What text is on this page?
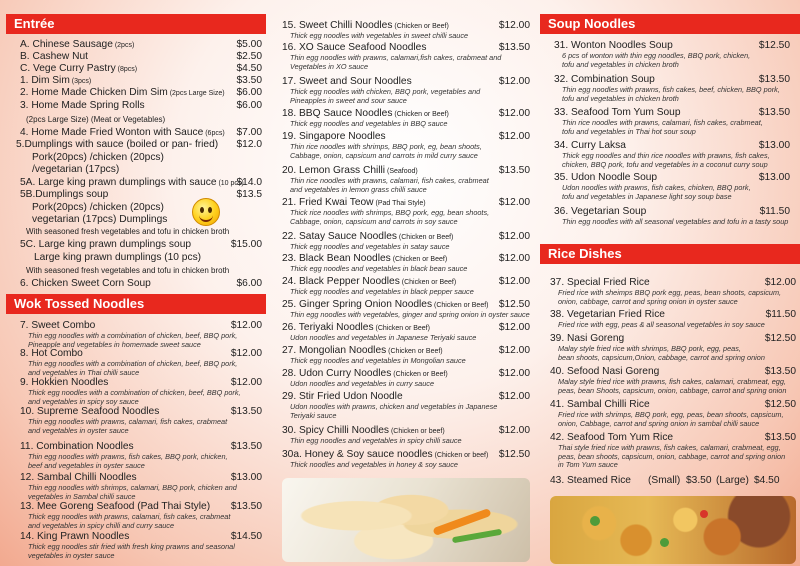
Entrée
A. Chinese Sausage (2pcs)	$5.00
B. Cashew Nut	$2.50
C. Vege Curry Pastry (8pcs)	$4.50
1. Dim Sim (3pcs)	$3.50
2. Home Made Chicken Dim Sim (2pcs Large Size) $6.00
3. Home Made Spring Rolls	$6.00
(2pcs Large Size) (Meat or Vegetables)
4. Home Made Fried Wonton with Sauce (6pcs) $7.00
5.Dumplings with sauce (boiled or pan- fried) $12.0
Pork(20pcs) /chicken (20pcs)
/vegetarian (17pcs)
5A. Large king prawn dumplings with sauce (10 pcs)
$14.0
5B.Dumplings soup	$13.5
Pork(20pcs) /chicken (20pcs)
vegetarian (17pcs) Dumplings
With seasoned fresh vegetables and tofu in chicken broth
5C. Large king prawn dumplings soup	$15.00
Large king prawn dumplings (10 pcs)
With seasoned fresh vegetables and tofu in chicken broth
6. Chicken Sweet Corn Soup	$6.00
Wok Tossed Noodles
7. Sweet Combo	$12.00
Thin egg noodles with a combination of chicken, beef, BBQ pork,
Pineapple and vegetables in homemade sweet sauce
8. Hot Combo	$12.00
Thin egg noodles with a combination of chicken, beef, BBQ pork,
and vegetables in Thai chilli sauce
9. Hokkien Noodles	$12.00
Thick egg noodles with a combination of chicken, beef, BBQ pork,
and vegetables in spicy soy sauce
10. Supreme Seafood Noodles	$13.50
Thin egg noodles with prawns, calamari, fish cakes, crabmeat
and vegetables in oyster sauce
11. Combination Noodles	$13.50
Thin egg noodles with prawns, fish cakes, BBQ pork, chicken,
beef and vegetables in oyster sauce
12. Sambal Chilli Noodles	$13.00
Thin egg noodles with shrimps, calamari, BBQ pork, chicken and
vegetables in Sambal chilli sauce
13. Mee Goreng Seafood (Pad Thai Style) $13.50
Thick egg noodles with prawns, calamari, fish cakes, crabmeat
and vegetables in spicy chilli and curry sauce
14. King Prawn Noodles	$14.50
Thick egg noodles stir fried with fresh king prawns and seasonal
vegetables in oyster sauce
15. Sweet Chilli Noodles (Chicken or Beef)	$12.00
Thick egg noodles with vegetables in sweet chilli sauce
16. XO Sauce Seafood Noodles	$13.50
Thin egg noodles with prawns, calamari,fish cakes, crabmeat and
Vegetables in XO sauce
17. Sweet and Sour Noodles	$12.00
Thick egg noodles with chicken, BBQ pork, vegetables and
Pineapples in sweet and sour sauce
18. BBQ Sauce Noodles (Chicken or Beef)	$12.00
Thick egg noodles and vegetables in BBQ sauce
19. Singapore Noodles	$12.00
Thin rice noodles with shrimps, BBQ pork, eg, bean shoots,
Cabbage, onion, capsicum and carrots in mild curry sauce
20. Lemon Grass Chilli (Seafood)	$13.50
Thin rice noodles with prawns, calamari, fish cakes, crabmeat
and vegetables in lemon grass chilli sauce
21. Fried Kwai Teow (Pad Thai Style)	$12.00
Thick rice noodles with shrimps, BBQ pork, egg, bean shoots,
Cabbage, onion, capsicum and carrots in soy sauce
22. Satay Sauce Noodles (Chicken or Beef)	$12.00
Thick egg noodles and vegetables in satay sauce
23. Black Bean Noodles (Chicken or Beef)	$12.00
Thick egg noodles and vegetables in black bean sauce
24. Black Pepper Noodles (Chicken or Beef)	$12.00
Thick egg noodles and vegetables in black pepper sauce
25. Ginger Spring Onion Noodles (Chicken or Beef) $12.50
Thin egg noodles with vegetables, ginger and spring onion in oyster sauce
26. Teriyaki Noodles (Chicken or Beef)	$12.00
Udon noodles and vegetables in Japanese Teriyaki sauce
27. Mongolian Noodles (Chicken or Beef)	$12.00
Thick egg noodles and vegetables in Mongolian sauce
28. Udon Curry Noodles (Chicken or Beef)	$12.00
Udon noodles and vegetables in curry sauce
29. Stir Fried Udon Noodle	$12.00
Udon noodles with prawns, chicken and vegetables in Japanese
Teriyaki sauce
30. Spicy Chilli Noodles (Chicken or beef)	$12.00
Thin egg noodles and vegetables in spicy chilli sauce
30a. Honey & Soy sauce noodles (Chicken or beef) $12.50
Thick noodles and vegetables in honey & soy sauce
Soup Noodles
31. Wonton Noodles Soup	$12.50
6 pcs of wonton with thin egg noodles, BBQ pork, chicken,
tofu and vegetables in chicken broth
32. Combination Soup	$13.50
Thin egg noodles with prawns, fish cakes, beef, chicken, BBQ pork,
tofu and vegetables in chicken broth
33. Seafood Tom Yum Soup	$13.50
Thin rice noodles with prawns, calamari, fish cakes, crabmeat,
tofu and vegetables in Thai hot sour soup
34. Curry Laksa	$13.00
Thick egg noodles and thin rice noodles with prawns, fish cakes,
chicken, BBQ pork, tofu and vegetables in a coconut curry soup
35. Udon Noodle Soup	$13.00
Udon noodles with prawns, fish cakes, chicken, BBQ pork,
tofu and vegetables in Japanese light soy soup base
36. Vegetarian Soup	$11.50
Thin egg noodles with all seasonal vegetables and tofu in a tasty soup
Rice Dishes
37. Special Fried Rice	$12.00
Fried rice with sheimps BBQ pork egg, peas, bean shoots, capsicum,
onion, cabbage, carrot and spring onion in oyster sauce
38. Vegetarian Fried Rice	$11.50
Fried rice with egg, peas & all seasonal vegetables in soy sauce
39. Nasi Goreng	$12.50
Malay style fried rice with shrimps, BBQ pork, egg, peas,
bean shoots, capsicum,Onion, cabbage, carrot and spring onion
40. Sefood Nasi Goreng	$13.50
Malay style fried rice with prawns, fish cakes, calamari, crabmeat, egg,
peas, bean Shoots, capsicum, onion, cabbage, carrot and spring onion
41. Sambal Chilli Rice	$12.50
Fried rice with shrimps, BBQ pork, egg, peas, bean shoots, capsicum,
onion, Cabbage, carrot and spring onion in sambal chilli sauce
42. Seafood Tom Yum Rice	$13.50
Thai style fried rice with prawns, fish cakes, calamari, crabmeat, egg,
peas, bean shoots, capsicum, onion, cabbage, carrot and spring onion
in Tom Yum sauce
43. Steamed Rice (Small) $3.50 (Large) $4.50
